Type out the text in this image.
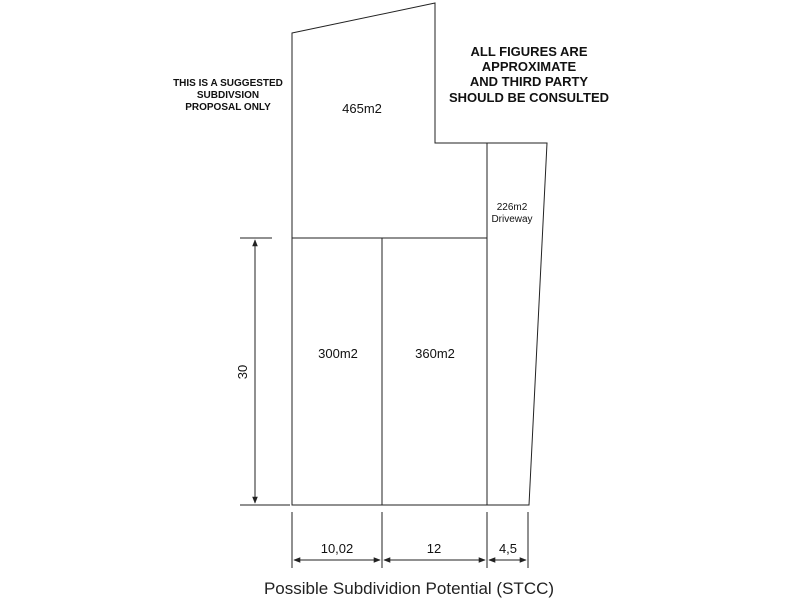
465m2
300m2	360m2
226m2
Driveway
30
10,02	12	4,5
THIS IS A SUGGESTED
SUBDIVSION
PROPOSAL ONLY
ALL FIGURES ARE
APPROXIMATE
AND THIRD PARTY
SHOULD BE CONSULTED
Possible Subdividion Potential (STCC)
